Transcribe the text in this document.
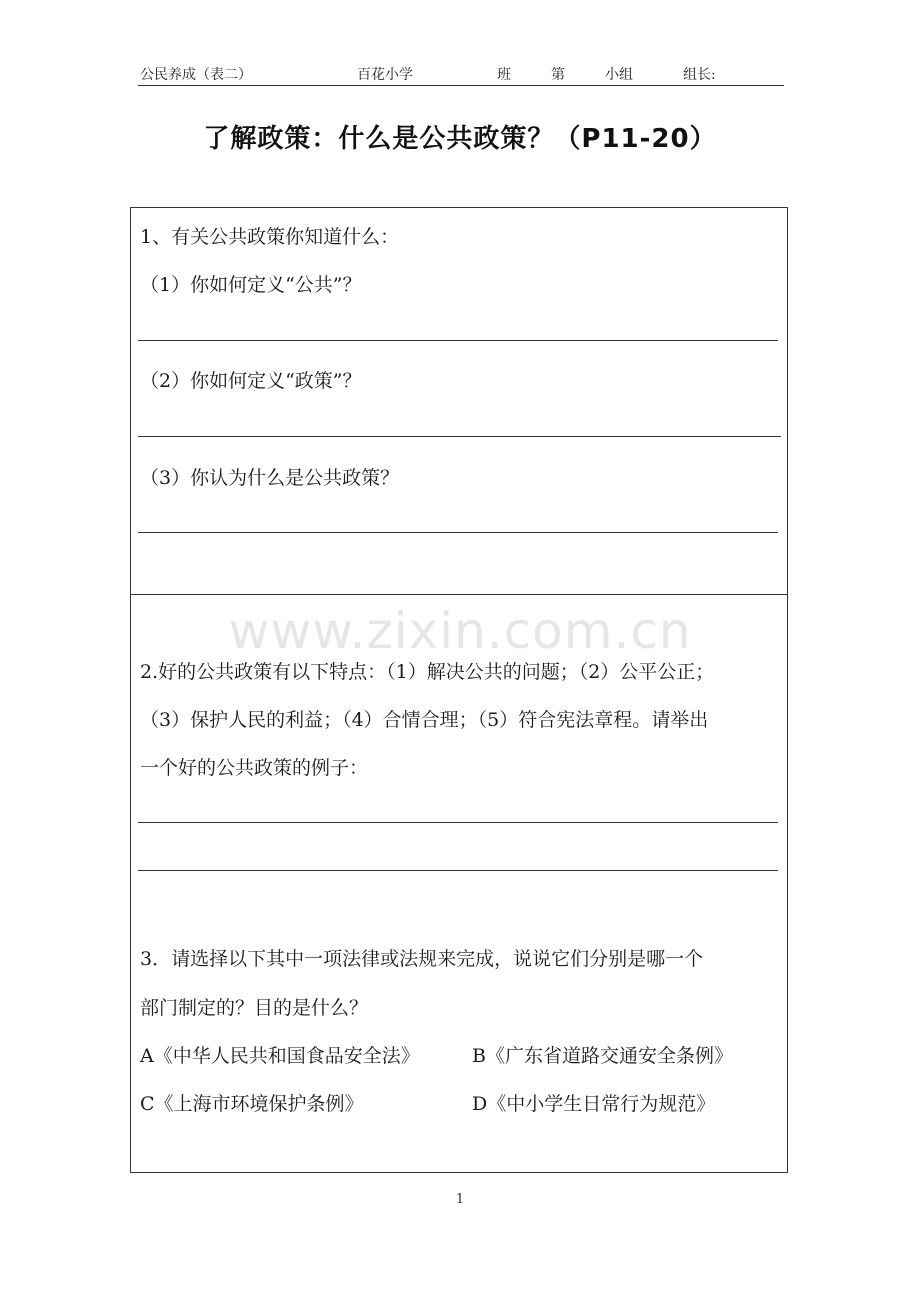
公民养成（表二）	百花小学	班	第	小组	组长:
了解政策：什么是公共政策？（P11-20）
www.zixin.com.cn
1、有关公共政策你知道什么：
（1）你如何定义“公共”？
（2）你如何定义“政策”？
（3）你认为什么是公共政策？
2.好的公共政策有以下特点：（1）解决公共的问题；（2）公平公正；
（3）保护人民的利益；（4）合情合理；（5）符合宪法章程。请举出
一个好的公共政策的例子：
3．请选择以下其中一项法律或法规来完成，说说它们分别是哪一个
部门制定的？目的是什么？
A《中华人民共和国食品安全法》	B《广东省道路交通安全条例》
C《上海市环境保护条例》	D《中小学生日常行为规范》
1
